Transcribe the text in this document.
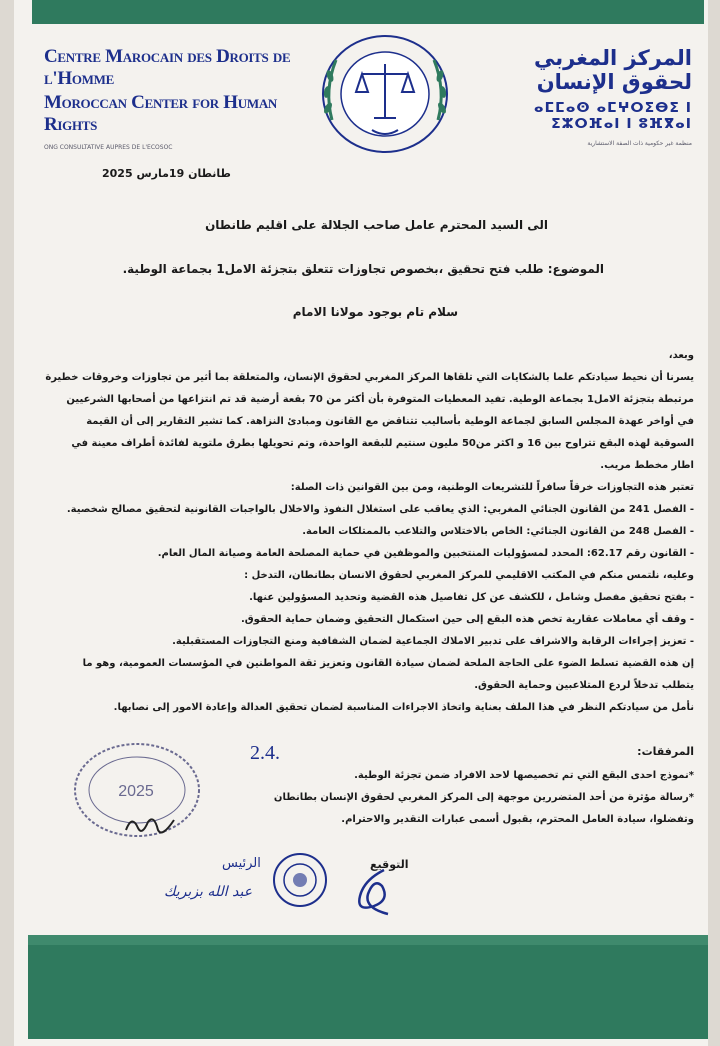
Centre Marocain des Droits de l'Homme
Moroccan Center for Human Rights
ONG CONSULTATIVE AUPRES DE L'ECOSOC
المركز المغربي لحقوق الإنسان
ⴰⵎⵎⴰⵙ ⴰⵎⵖⵔⵉⴱⵉ ⵏ ⵉⵣⵔⴼⴰⵏ ⵏ ⵓⴼⴳⴰⵏ
منظمة غير حكومية ذات الصفة الاستشارية
طانطان 19مارس 2025
الى السيد المحترم عامل صاحب الجلالة على اقليم طانطان
الموضوع: طلب فتح تحقيق ،بخصوص تجاوزات تتعلق بتجزئة الامل1 بجماعة الوطية.
سلام تام بوجود مولانا الامام
وبعد،
يسرنا أن نحيط سيادتكم علما بالشكايات التي تلقاها المركز المغربي لحقوق الإنسان، والمتعلقة بما أثير من تجاوزات وخروقات خطيرة
مرتبطة بتجزئة الامل1 بجماعة الوطية. تفيد المعطيات المتوفرة بأن أكثر من 70 بقعة أرضية قد تم انتزاعها من أصحابها الشرعيين
في أواخر عهدة المجلس السابق لجماعة الوطية بأساليب تتناقض مع القانون ومبادئ النزاهة. كما تشير التقارير إلى أن القيمة
السوقية لهذه البقع تتراوح بين 16 و اكثر من50 مليون سنتيم للبقعة الواحدة، وتم تحويلها بطرق ملتوية لفائدة أطراف معينة في
اطار مخطط مريب.
تعتبر هذه التجاوزات خرقاً سافراً للتشريعات الوطنية، ومن بين القوانين ذات الصلة:
- الفصل 241 من القانون الجنائي المغربي: الذي يعاقب على استغلال النفوذ والاخلال بالواجبات القانونية لتحقيق مصالح شخصية.
- الفصل 248 من القانون الجنائي: الخاص بالاختلاس والتلاعب بالممتلكات العامة.
- القانون رقم 62.17: المحدد لمسؤوليات المنتخبين والموظفين في حماية المصلحة العامة وصيانة المال العام.
وعليه، نلتمس منكم في المكتب الاقليمي للمركز المغربي لحقوق الانسان بطانطان، التدخل :
- بفتح تحقيق مفصل وشامل ، للكشف عن كل تفاصيل هذه القضية وتحديد المسؤولين عنها.
- وقف أي معاملات عقارية تخص هذه البقع إلى حين استكمال التحقيق وضمان حماية الحقوق.
- تعزيز إجراءات الرقابة والاشراف على تدبير الاملاك الجماعية لضمان الشفافية ومنع التجاوزات المستقبلية.
إن هذه القضية تسلط الضوء على الحاجة الملحة لضمان سيادة القانون وتعزيز ثقة المواطنين في المؤسسات العمومية، وهو ما
يتطلب تدخلاً لردع المتلاعبين وحماية الحقوق.
نأمل من سيادتكم النظر في هذا الملف بعناية واتخاذ الاجراءات المناسبة لضمان تحقيق العدالة وإعادة الامور إلى نصابها.
المرفقات:
*نموذج احدى البقع التي تم تخصيصها لاحد الافراد ضمن تجزئة الوطية.
*رسالة مؤثرة من أحد المتضررين موجهة إلى المركز المغربي لحقوق الإنسان بطانطان
وتفضلوا، سيادة العامل المحترم، بقبول أسمى عبارات التقدير والاحترام.
2025
2.4.
التوقيع
الرئيس
عبد الله بزبريك
